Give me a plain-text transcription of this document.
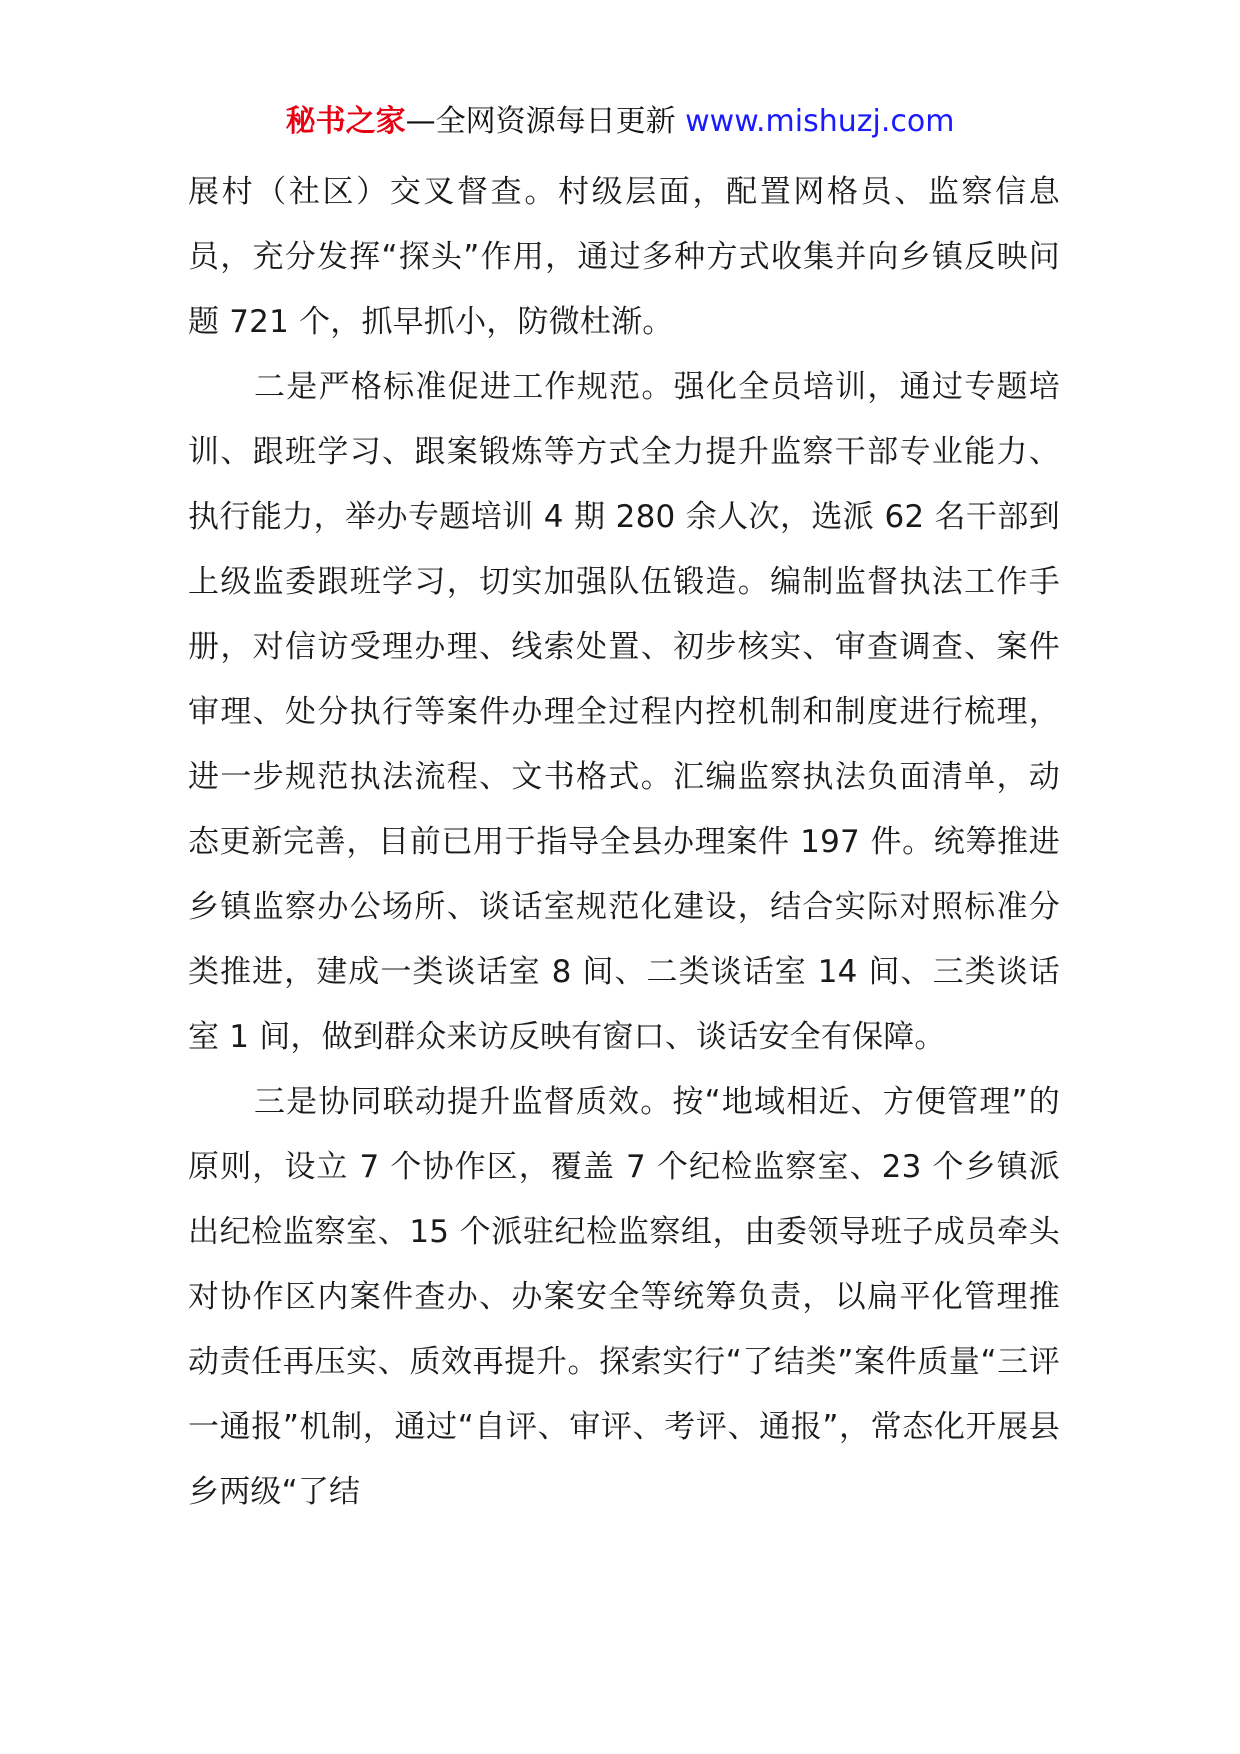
秘书之家—全网资源每日更新 www.mishuzj.com

展村（社区）交叉督查。村级层面，配置网格员、监察信息员，充分发挥“探头”作用，通过多种方式收集并向乡镇反映问题 721 个，抓早抓小，防微杜渐。

二是严格标准促进工作规范。强化全员培训，通过专题培训、跟班学习、跟案锻炼等方式全力提升监察干部专业能力、执行能力，举办专题培训 4 期 280 余人次，选派 62 名干部到上级监委跟班学习，切实加强队伍锻造。编制监督执法工作手册，对信访受理办理、线索处置、初步核实、审查调查、案件审理、处分执行等案件办理全过程内控机制和制度进行梳理，进一步规范执法流程、文书格式。汇编监察执法负面清单，动态更新完善，目前已用于指导全县办理案件 197 件。统筹推进乡镇监察办公场所、谈话室规范化建设，结合实际对照标准分类推进，建成一类谈话室 8 间、二类谈话室 14 间、三类谈话室 1 间，做到群众来访反映有窗口、谈话安全有保障。

三是协同联动提升监督质效。按“地域相近、方便管理”的原则，设立 7 个协作区，覆盖 7 个纪检监察室、23 个乡镇派出纪检监察室、15 个派驻纪检监察组，由委领导班子成员牵头对协作区内案件查办、办案安全等统筹负责，以扁平化管理推动责任再压实、质效再提升。探索实行“了结类”案件质量“三评一通报”机制，通过“自评、审评、考评、通报”，常态化开展县乡两级“了结
